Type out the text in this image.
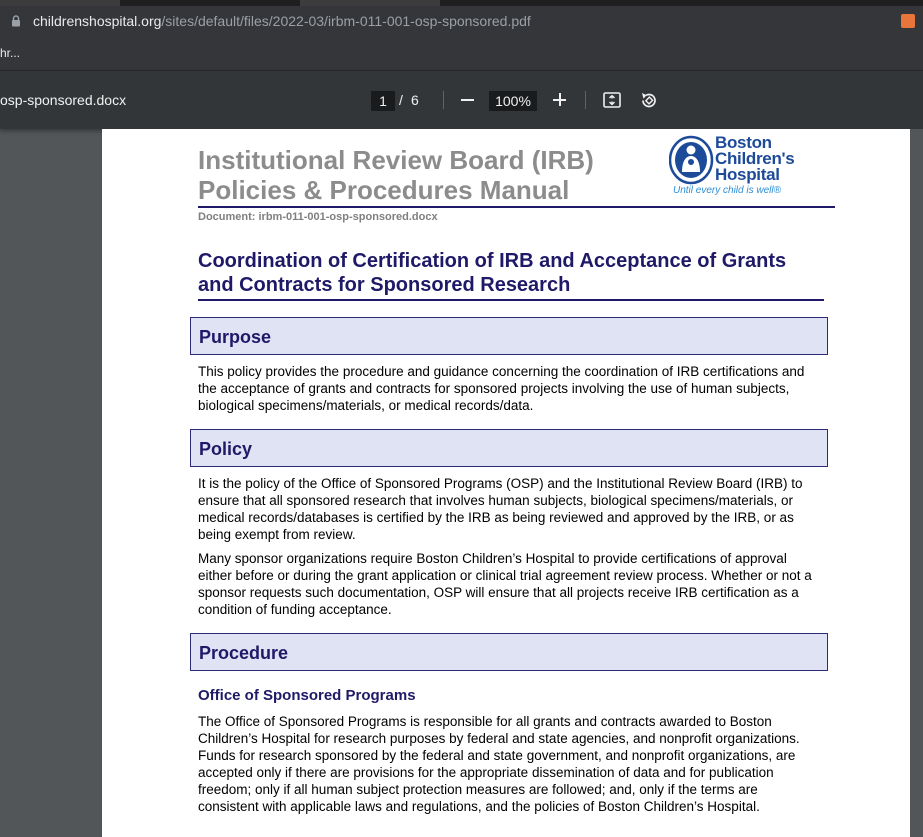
childrenshospital.org/sites/default/files/2022-03/irbm-011-001-osp-sponsored.pdf
hr...
osp-sponsored.docx	1 / 6	100%
Institutional Review Board (IRB)
Policies & Procedures Manual
Boston
Children's
Hospital
Until every child is well®
Document: irbm-011-001-osp-sponsored.docx
Coordination of Certification of IRB and Acceptance of Grants and Contracts for Sponsored Research
Purpose
This policy provides the procedure and guidance concerning the coordination of IRB certifications and the acceptance of grants and contracts for sponsored projects involving the use of human subjects, biological specimens/materials, or medical records/data.
Policy
It is the policy of the Office of Sponsored Programs (OSP) and the Institutional Review Board (IRB) to ensure that all sponsored research that involves human subjects, biological specimens/materials, or medical records/databases is certified by the IRB as being reviewed and approved by the IRB, or as being exempt from review.
Many sponsor organizations require Boston Children’s Hospital to provide certifications of approval either before or during the grant application or clinical trial agreement review process. Whether or not a sponsor requests such documentation, OSP will ensure that all projects receive IRB certification as a condition of funding acceptance.
Procedure
Office of Sponsored Programs
The Office of Sponsored Programs is responsible for all grants and contracts awarded to Boston Children’s Hospital for research purposes by federal and state agencies, and nonprofit organizations. Funds for research sponsored by the federal and state government, and nonprofit organizations, are accepted only if there are provisions for the appropriate dissemination of data and for publication freedom; only if all human subject protection measures are followed; and, only if the terms are consistent with applicable laws and regulations, and the policies of Boston Children’s Hospital.
